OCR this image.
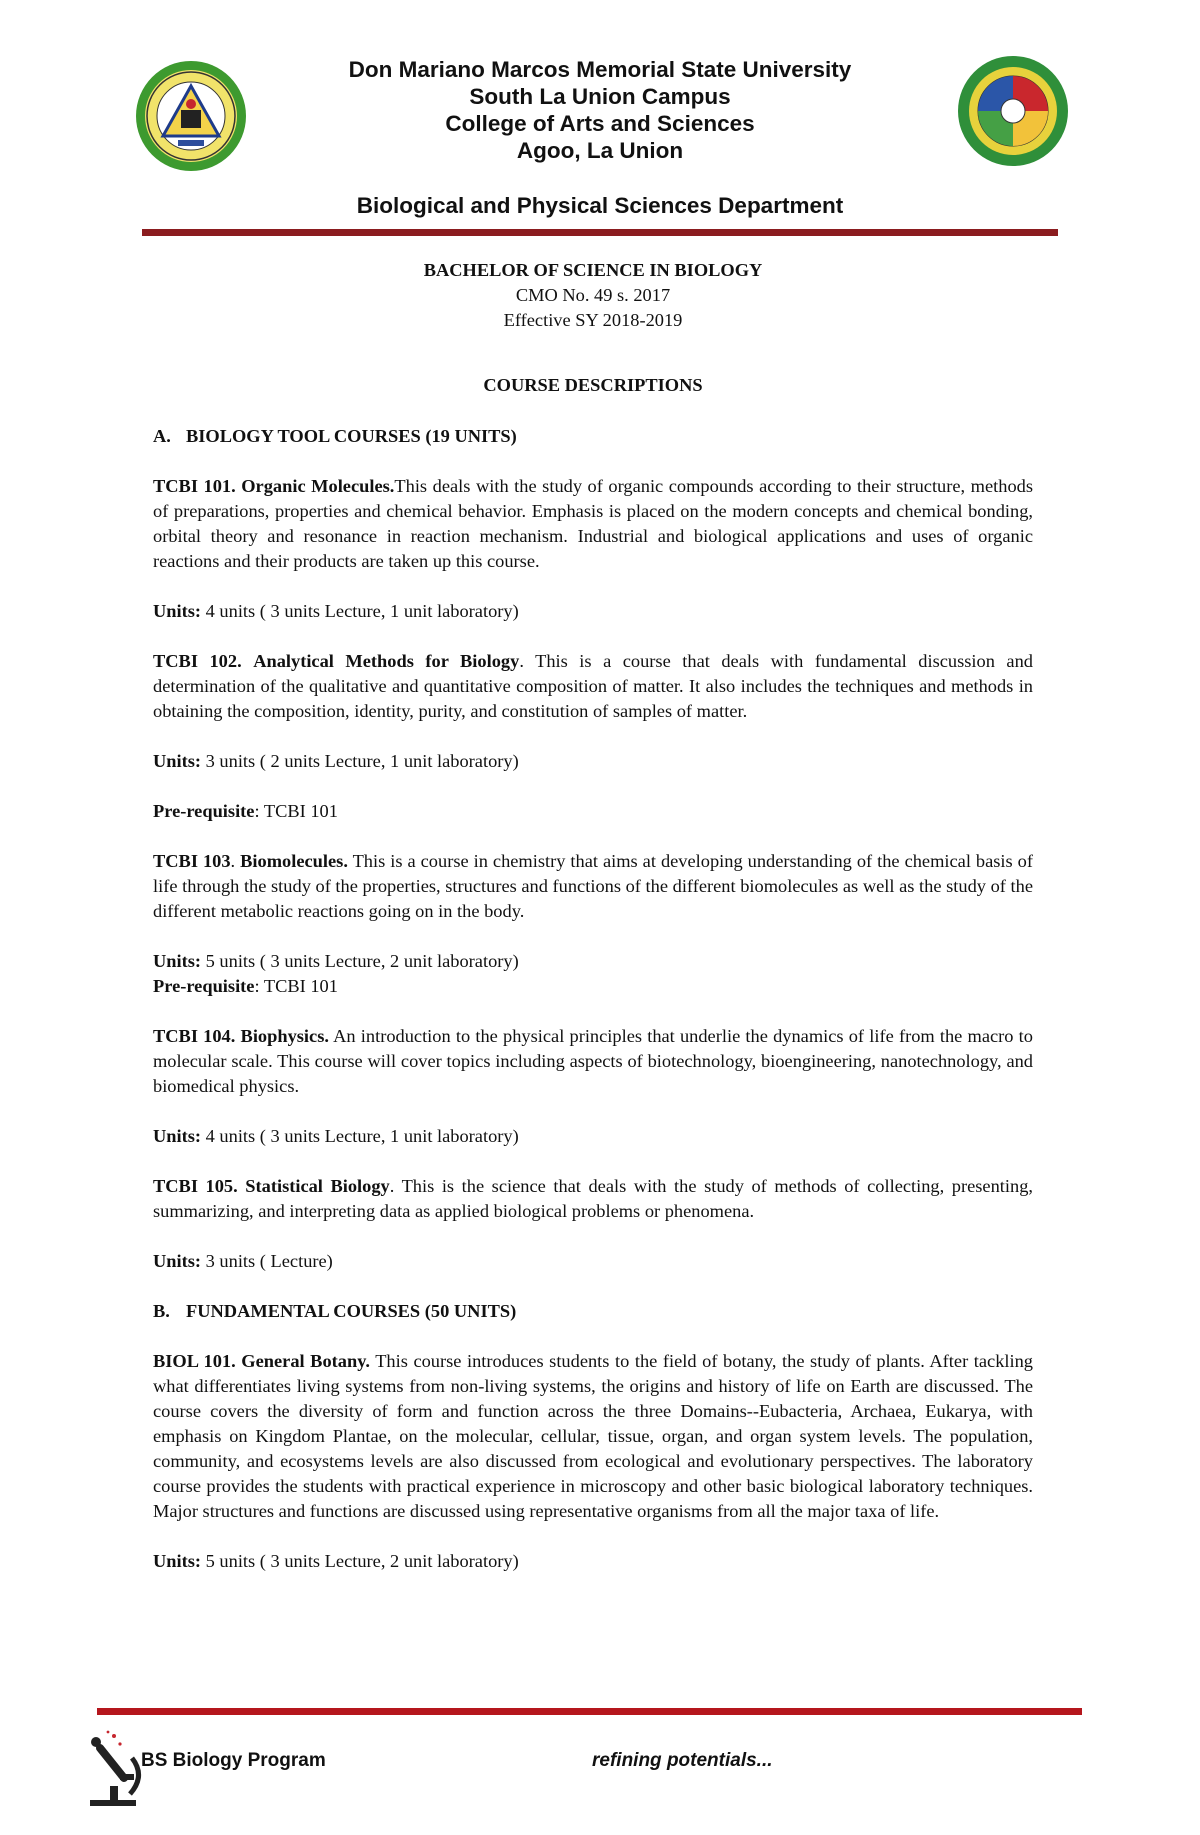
Don Mariano Marcos Memorial State University
South La Union Campus
College of Arts and Sciences
Agoo, La Union
Biological and Physical Sciences Department
BACHELOR OF SCIENCE IN BIOLOGY
CMO No. 49 s. 2017
Effective SY 2018-2019
COURSE DESCRIPTIONS
A. BIOLOGY TOOL COURSES (19 UNITS)
TCBI 101. Organic Molecules.This deals with the study of organic compounds according to their structure, methods of preparations, properties and chemical behavior. Emphasis is placed on the modern concepts and chemical bonding, orbital theory and resonance in reaction mechanism. Industrial and biological applications and uses of organic reactions and their products are taken up this course.
Units: 4 units ( 3 units Lecture, 1 unit laboratory)
TCBI 102. Analytical Methods for Biology. This is a course that deals with fundamental discussion and determination of the qualitative and quantitative composition of matter. It also includes the techniques and methods in obtaining the composition, identity, purity, and constitution of samples of matter.
Units: 3 units ( 2 units Lecture, 1 unit laboratory)
Pre-requisite: TCBI 101
TCBI 103. Biomolecules. This is a course in chemistry that aims at developing understanding of the chemical basis of life through the study of the properties, structures and functions of the different biomolecules as well as the study of the different metabolic reactions going on in the body.
Units: 5 units ( 3 units Lecture, 2 unit laboratory)
Pre-requisite: TCBI 101
TCBI 104. Biophysics. An introduction to the physical principles that underlie the dynamics of life from the macro to molecular scale. This course will cover topics including aspects of biotechnology, bioengineering, nanotechnology, and biomedical physics.
Units: 4 units ( 3 units Lecture, 1 unit laboratory)
TCBI 105. Statistical Biology. This is the science that deals with the study of methods of collecting, presenting, summarizing, and interpreting data as applied biological problems or phenomena.
Units: 3 units ( Lecture)
B. FUNDAMENTAL COURSES (50 UNITS)
BIOL 101. General Botany. This course introduces students to the field of botany, the study of plants. After tackling what differentiates living systems from non-living systems, the origins and history of life on Earth are discussed. The course covers the diversity of form and function across the three Domains--Eubacteria, Archaea, Eukarya, with emphasis on Kingdom Plantae, on the molecular, cellular, tissue, organ, and organ system levels. The population, community, and ecosystems levels are also discussed from ecological and evolutionary perspectives. The laboratory course provides the students with practical experience in microscopy and other basic biological laboratory techniques. Major structures and functions are discussed using representative organisms from all the major taxa of life.
Units: 5 units ( 3 units Lecture, 2 unit laboratory)
BS Biology Program	refining potentials...
